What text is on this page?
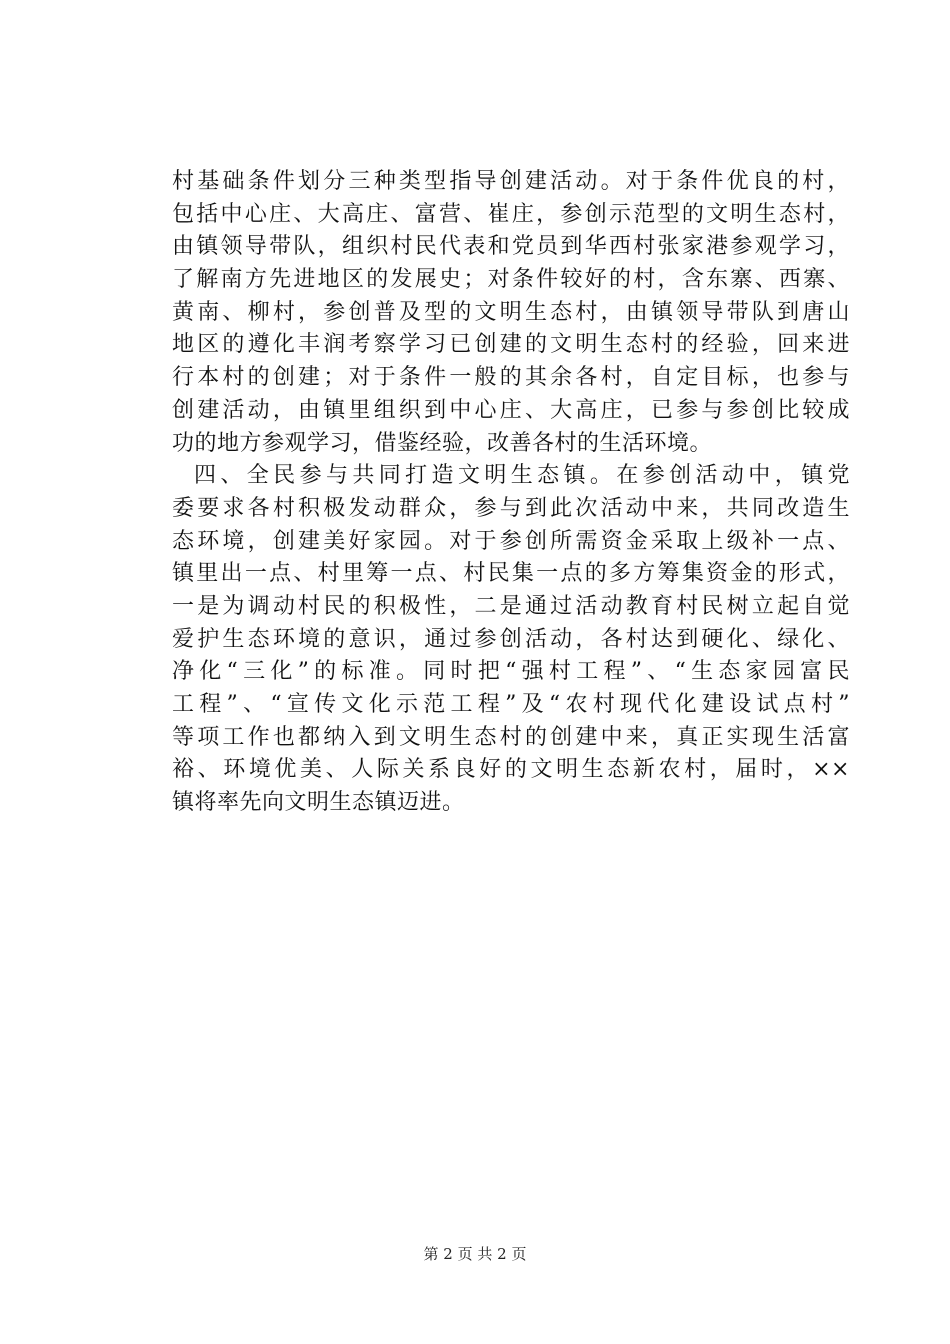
村基础条件划分三种类型指导创建活动。对于条件优良的村，
包括中心庄、大高庄、富营、崔庄，参创示范型的文明生态村，
由镇领导带队，组织村民代表和党员到华西村张家港参观学习，
了解南方先进地区的发展史；对条件较好的村，含东寨、西寨、
黄南、柳村，参创普及型的文明生态村，由镇领导带队到唐山
地区的遵化丰润考察学习已创建的文明生态村的经验，回来进
行本村的创建；对于条件一般的其余各村，自定目标，也参与
创建活动，由镇里组织到中心庄、大高庄，已参与参创比较成
功的地方参观学习，借鉴经验，改善各村的生活环境。
四、全民参与共同打造文明生态镇。在参创活动中，镇党
委要求各村积极发动群众，参与到此次活动中来，共同改造生
态环境，创建美好家园。对于参创所需资金采取上级补一点、
镇里出一点、村里筹一点、村民集一点的多方筹集资金的形式，
一是为调动村民的积极性，二是通过活动教育村民树立起自觉
爱护生态环境的意识，通过参创活动，各村达到硬化、绿化、
净化“三化”的标准。同时把“强村工程”、“生态家园富民
工程”、“宣传文化示范工程”及“农村现代化建设试点村”
等项工作也都纳入到文明生态村的创建中来，真正实现生活富
裕、环境优美、人际关系良好的文明生态新农村，届时，××
镇将率先向文明生态镇迈进。
第 2 页 共 2 页
